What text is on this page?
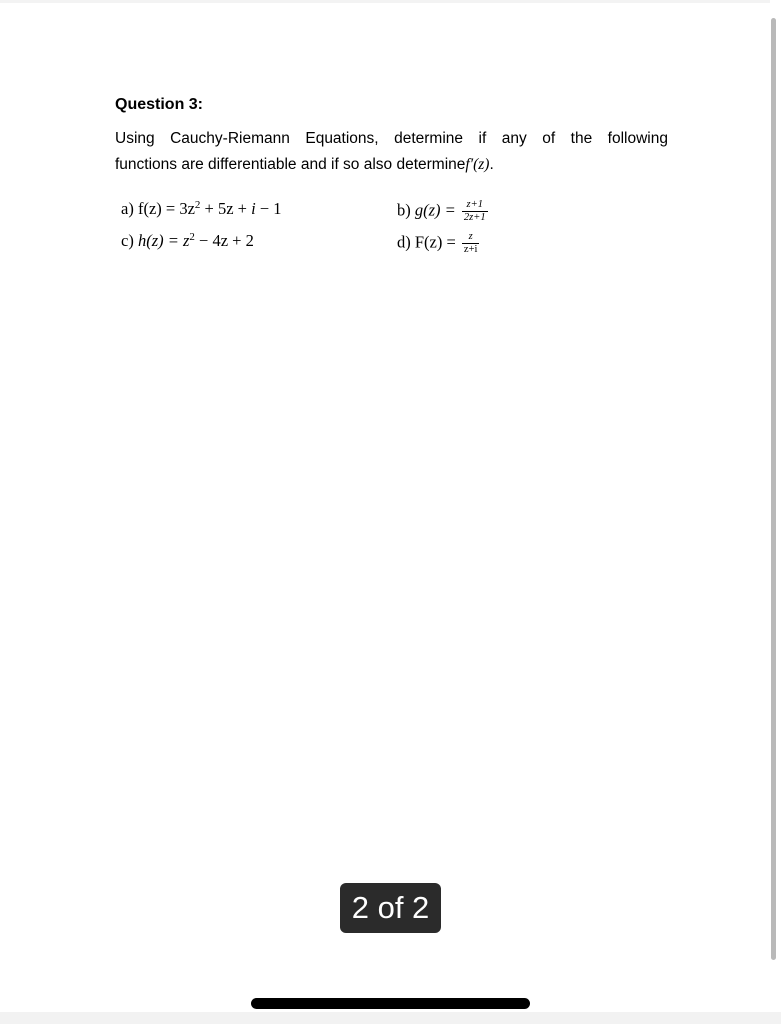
Question 3:

Using Cauchy-Riemann Equations, determine if any of the following
functions are differentiable and if so also determinef′(z).

a) $f(z) = 3z^2 + 5z + i - 1$
c) $h(z) = z^2 - 4z + 2$
b) $g(z) = \frac{z+1}{2z+1}$
d) $F(z) = \frac{z}{z+i}$
2 of 2
